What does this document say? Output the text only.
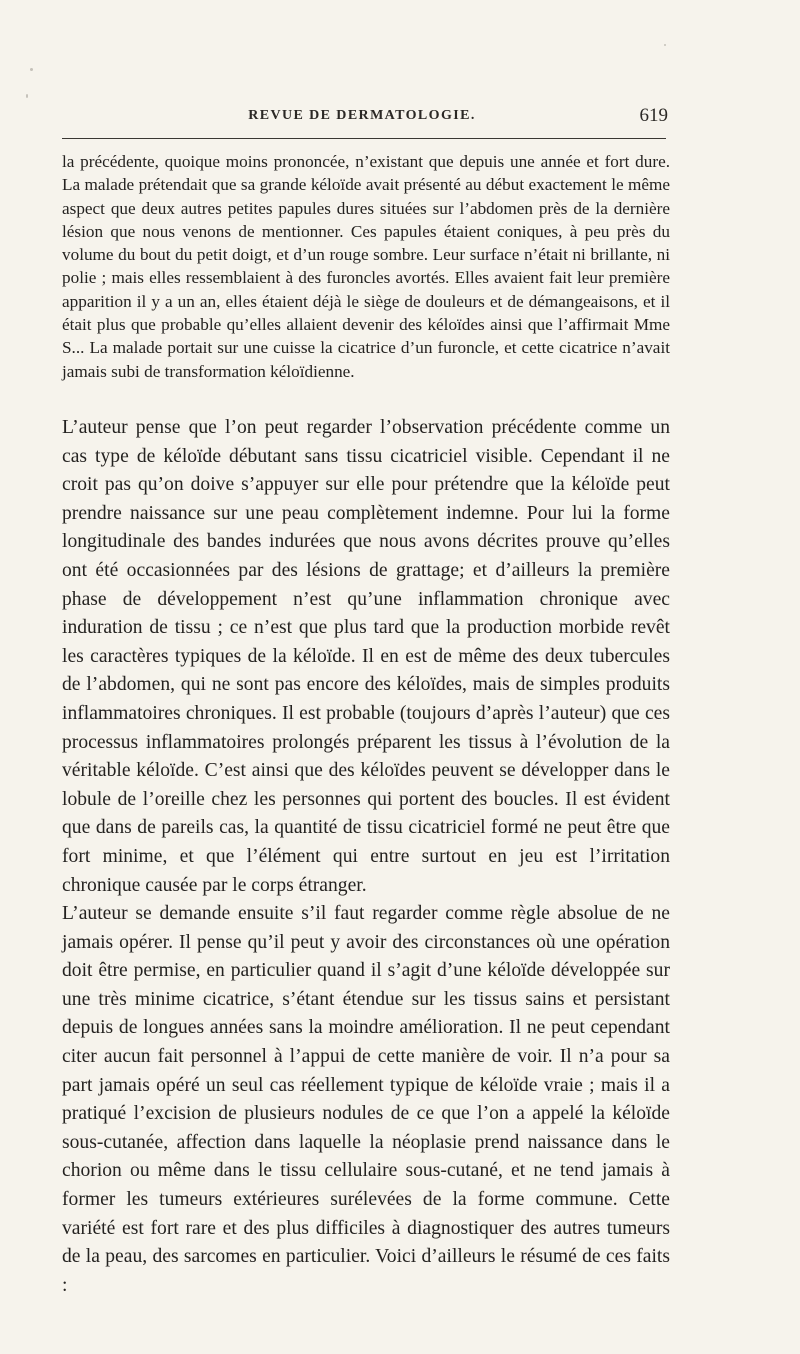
REVUE DE DERMATOLOGIE.	619

la précédente, quoique moins prononcée, n’existant que depuis une année et fort dure. La malade prétendait que sa grande kéloïde avait présenté au début exactement le même aspect que deux autres petites papules dures situées sur l’abdomen près de la dernière lésion que nous venons de mentionner. Ces papules étaient coniques, à peu près du volume du bout du petit doigt, et d’un rouge sombre. Leur surface n’était ni brillante, ni polie ; mais elles ressemblaient à des furoncles avortés. Elles avaient fait leur première apparition il y a un an, elles étaient déjà le siège de douleurs et de démangeaisons, et il était plus que probable qu’elles allaient devenir des kéloïdes ainsi que l’affirmait Mme S... La malade portait sur une cuisse la cicatrice d’un furoncle, et cette cicatrice n’avait jamais subi de transformation kéloïdienne.

L’auteur pense que l’on peut regarder l’observation précédente comme un cas type de kéloïde débutant sans tissu cicatriciel visible. Cependant il ne croit pas qu’on doive s’appuyer sur elle pour prétendre que la kéloïde peut prendre naissance sur une peau complètement indemne. Pour lui la forme longitudinale des bandes indurées que nous avons décrites prouve qu’elles ont été occasionnées par des lésions de grattage; et d’ailleurs la première phase de développement n’est qu’une inflammation chronique avec induration de tissu ; ce n’est que plus tard que la production morbide revêt les caractères typiques de la kéloïde. Il en est de même des deux tubercules de l’abdomen, qui ne sont pas encore des kéloïdes, mais de simples produits inflammatoires chroniques. Il est probable (toujours d’après l’auteur) que ces processus inflammatoires prolongés préparent les tissus à l’évolution de la véritable kéloïde. C’est ainsi que des kéloïdes peuvent se développer dans le lobule de l’oreille chez les personnes qui portent des boucles. Il est évident que dans de pareils cas, la quantité de tissu cicatriciel formé ne peut être que fort minime, et que l’élément qui entre surtout en jeu est l’irritation chronique causée par le corps étranger.

L’auteur se demande ensuite s’il faut regarder comme règle absolue de ne jamais opérer. Il pense qu’il peut y avoir des circonstances où une opération doit être permise, en particulier quand il s’agit d’une kéloïde développée sur une très minime cicatrice, s’étant étendue sur les tissus sains et persistant depuis de longues années sans la moindre amélioration. Il ne peut cependant citer aucun fait personnel à l’appui de cette manière de voir. Il n’a pour sa part jamais opéré un seul cas réellement typique de kéloïde vraie ; mais il a pratiqué l’excision de plusieurs nodules de ce que l’on a appelé la kéloïde sous-cutanée, affection dans laquelle la néoplasie prend naissance dans le chorion ou même dans le tissu cellulaire sous-cutané, et ne tend jamais à former les tumeurs extérieures surélevées de la forme commune. Cette variété est fort rare et des plus difficiles à diagnostiquer des autres tumeurs de la peau, des sarcomes en particulier. Voici d’ailleurs le résumé de ces faits :
